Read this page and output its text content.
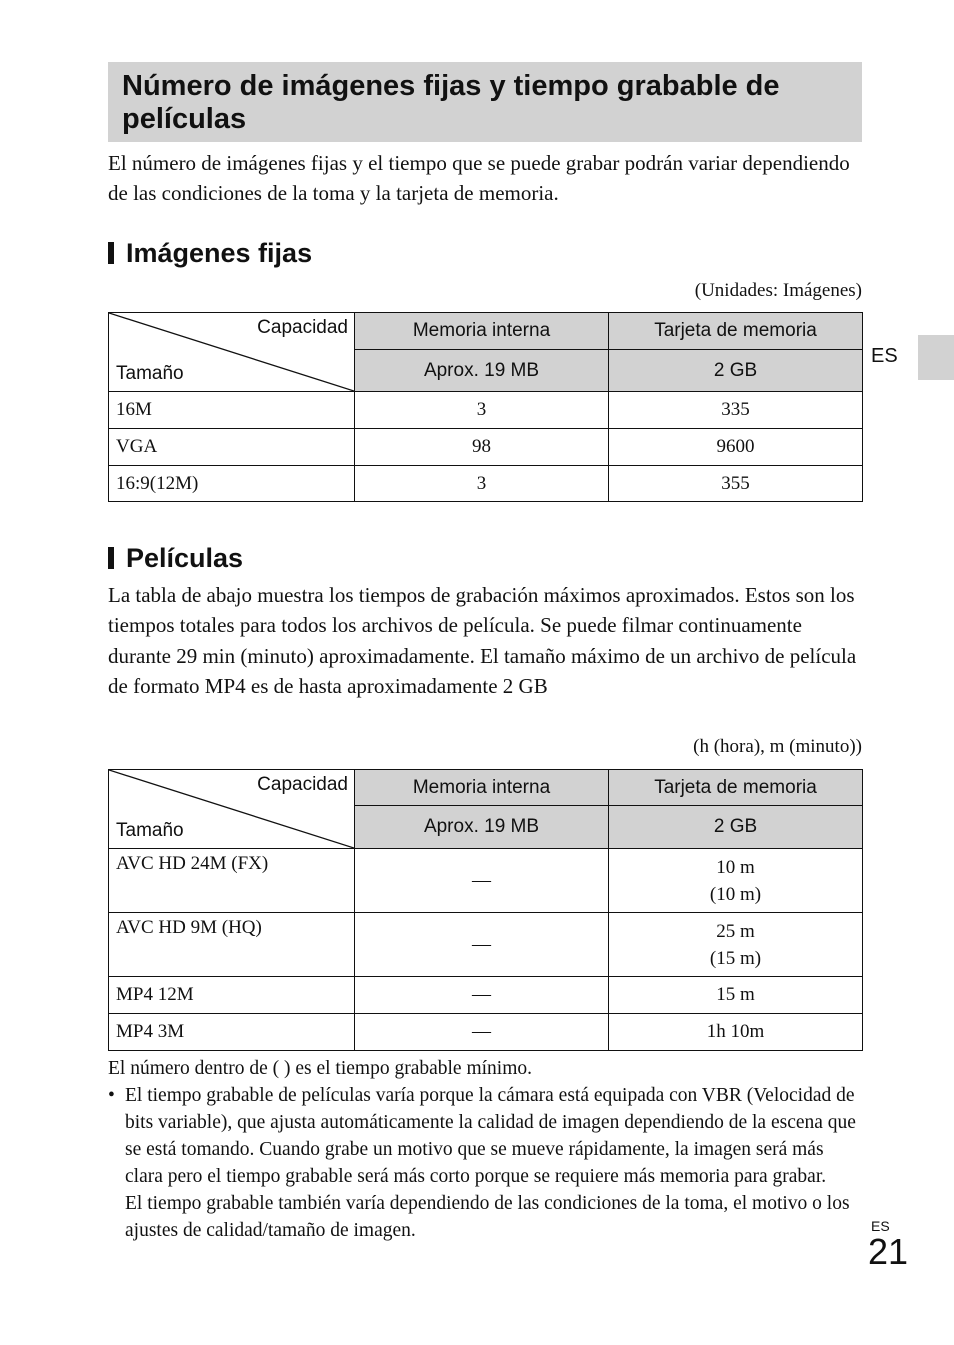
Número de imágenes fijas y tiempo grabable de películas

El número de imágenes fijas y el tiempo que se puede grabar podrán variar dependiendo de las condiciones de la toma y la tarjeta de memoria.

ES
Imágenes fijas
(Unidades: Imágenes)
Capacidad
Tamaño	Memoria interna	Tarjeta de memoria
	Aprox. 19 MB	2 GB
16M	3	335
VGA	98	9600
16:9(12M)	3	355
Películas

La tabla de abajo muestra los tiempos de grabación máximos aproximados. Estos son los tiempos totales para todos los archivos de película. Se puede filmar continuamente durante 29 min (minuto) aproximadamente. El tamaño máximo de un archivo de película de formato MP4 es de hasta aproximadamente 2 GB

(h (hora), m (minuto))
Capacidad
Tamaño	Memoria interna	Tarjeta de memoria
	Aprox. 19 MB	2 GB
AVC HD 24M (FX)	—	10 m
(10 m)

AVC HD 9M (HQ)	—	25 m
(15 m)

MP4 12M	—	15 m
MP4 3M	—	1h 10m

El número dentro de ( ) es el tiempo grabable mínimo.

• El tiempo grabable de películas varía porque la cámara está equipada con VBR (Velocidad de bits variable), que ajusta automáticamente la calidad de imagen dependiendo de la escena que se está tomando. Cuando grabe un motivo que se mueve rápidamente, la imagen será más clara pero el tiempo grabable será más corto porque se requiere más memoria para grabar.
El tiempo grabable también varía dependiendo de las condiciones de la toma, el motivo o los ajustes de calidad/tamaño de imagen.	ES
21
